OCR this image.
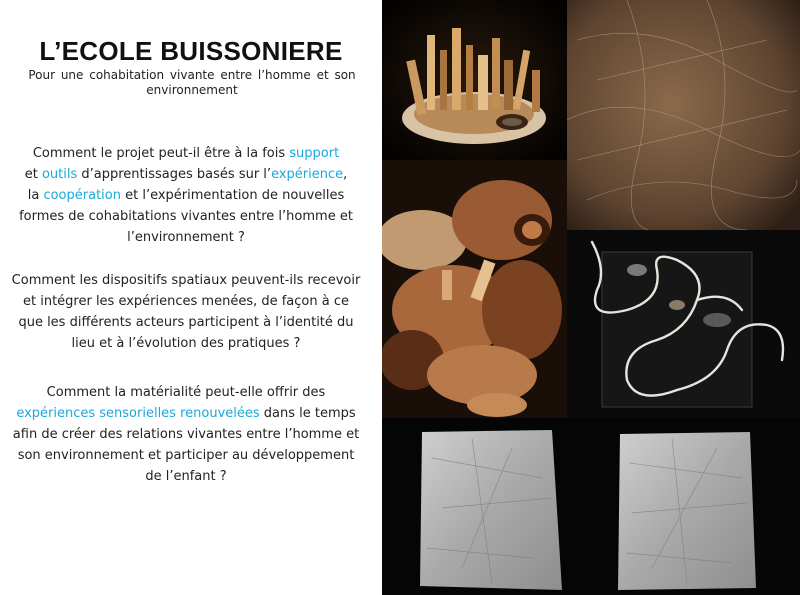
L’ECOLE BUISSONIERE
Pour une cohabitation vivante entre l’homme et son environnement
Comment le projet peut-il être à la fois support
et outils d’apprentissages basés sur l’expérience,
la coopération et l’expérimentation de nouvelles
formes de cohabitations vivantes entre l’homme et
l’environnement ?
Comment les dispositifs spatiaux peuvent-ils recevoir
et intégrer les expériences menées, de façon à ce
que les différents acteurs participent à l’identité du
lieu et à l’évolution des pratiques ?
Comment la matérialité peut-elle offrir des
expériences sensorielles renouvelées dans le temps
afin de créer des relations vivantes entre l’homme et
son environnement et participer au développement
de l’enfant ?
